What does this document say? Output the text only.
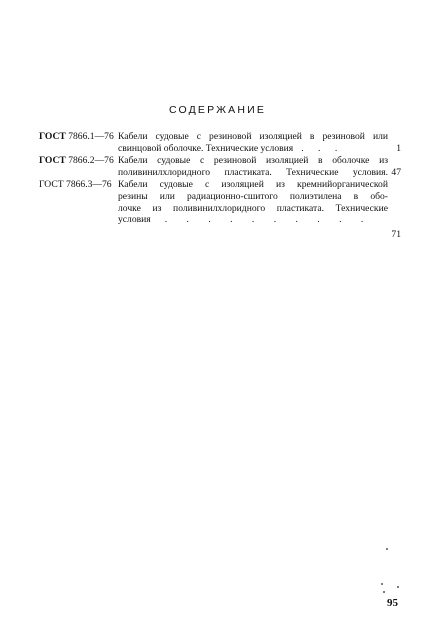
СОДЕРЖАНИЕ
ГОСТ 7866.1—76 Кабели судовые с резиновой изоляцией в резиновой или
свинцовой оболочке. Технические условия . . .	1
ГОСТ 7866.2—76 Кабели судовые с резиновой изоляцией в оболочке из
поливинилхлоридного пластиката. Технические условия. 47
ГОСТ 7866.3—76 Кабели судовые с изоляцией из кремнийорганической
резины или радиационно-сшитого полиэтилена в обо-
лочке из поливинилхлоридного пластиката. Технические
условия . . . . . . . . . .
71
95
